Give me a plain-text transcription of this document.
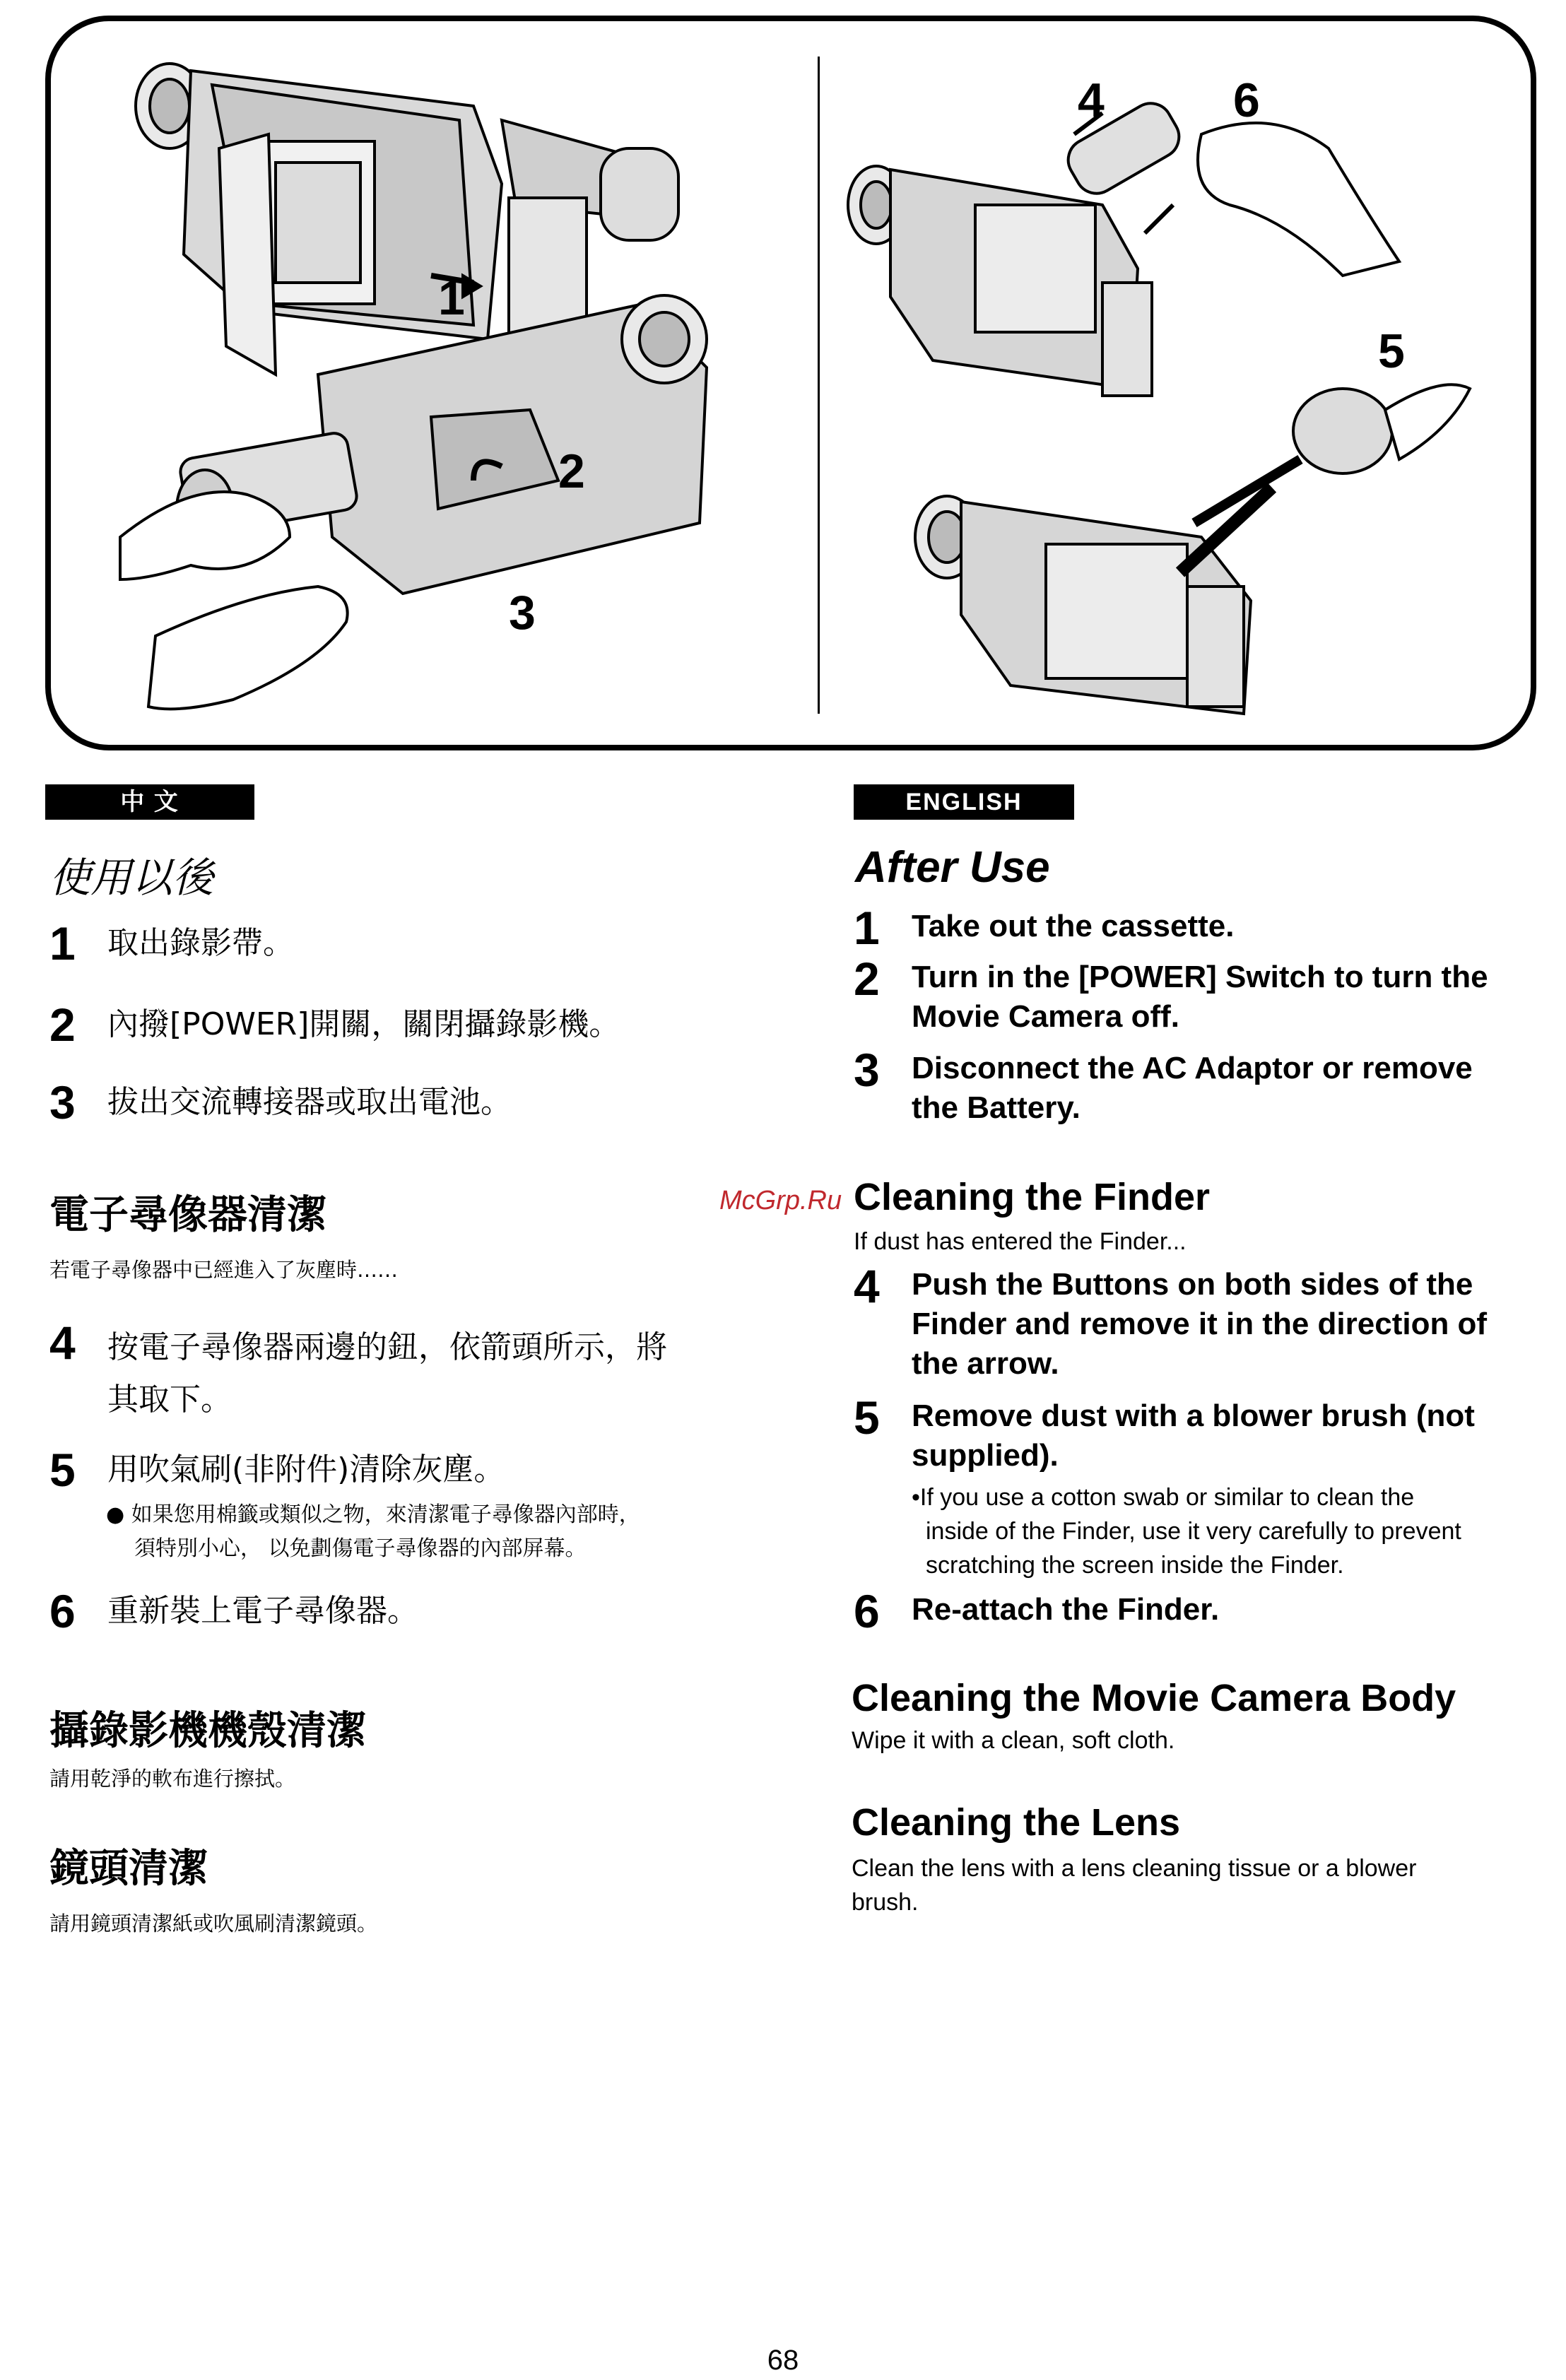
1
2
3
4	6
5
中 文
使用以後
1	取出錄影帶。
2	內撥[POWER]開關，關閉攝錄影機。
3	拔出交流轉接器或取出電池。
電子尋像器清潔
若電子尋像器中已經進入了灰塵時……
4	按電子尋像器兩邊的鈕，依箭頭所示，將
其取下。
5	用吹氣刷(非附件)清除灰塵。
● 如果您用棉籤或類似之物，來清潔電子尋像器內部時，
須特別小心， 以免劃傷電子尋像器的內部屏幕。
6	重新裝上電子尋像器。
攝錄影機機殼清潔
請用乾淨的軟布進行擦拭。
鏡頭清潔
請用鏡頭清潔紙或吹風刷清潔鏡頭。
McGrp.Ru
ENGLISH
After Use
1	Take out the cassette.
2	Turn in the [POWER] Switch to turn the
Movie Camera off.
3	Disconnect the AC Adaptor or remove
the Battery.
Cleaning the Finder
If dust has entered the Finder...
4	Push the Buttons on both sides of the
Finder and remove it in the direction of
the arrow.
5	Remove dust with a blower brush (not
supplied).
•If you use a cotton swab or similar to clean the
inside of the Finder, use it very carefully to prevent
scratching the screen inside the Finder.
6	Re-attach the Finder.
Cleaning the Movie Camera Body
Wipe it with a clean, soft cloth.
Cleaning the Lens
Clean the lens with a lens cleaning tissue or a blower
brush.
68
